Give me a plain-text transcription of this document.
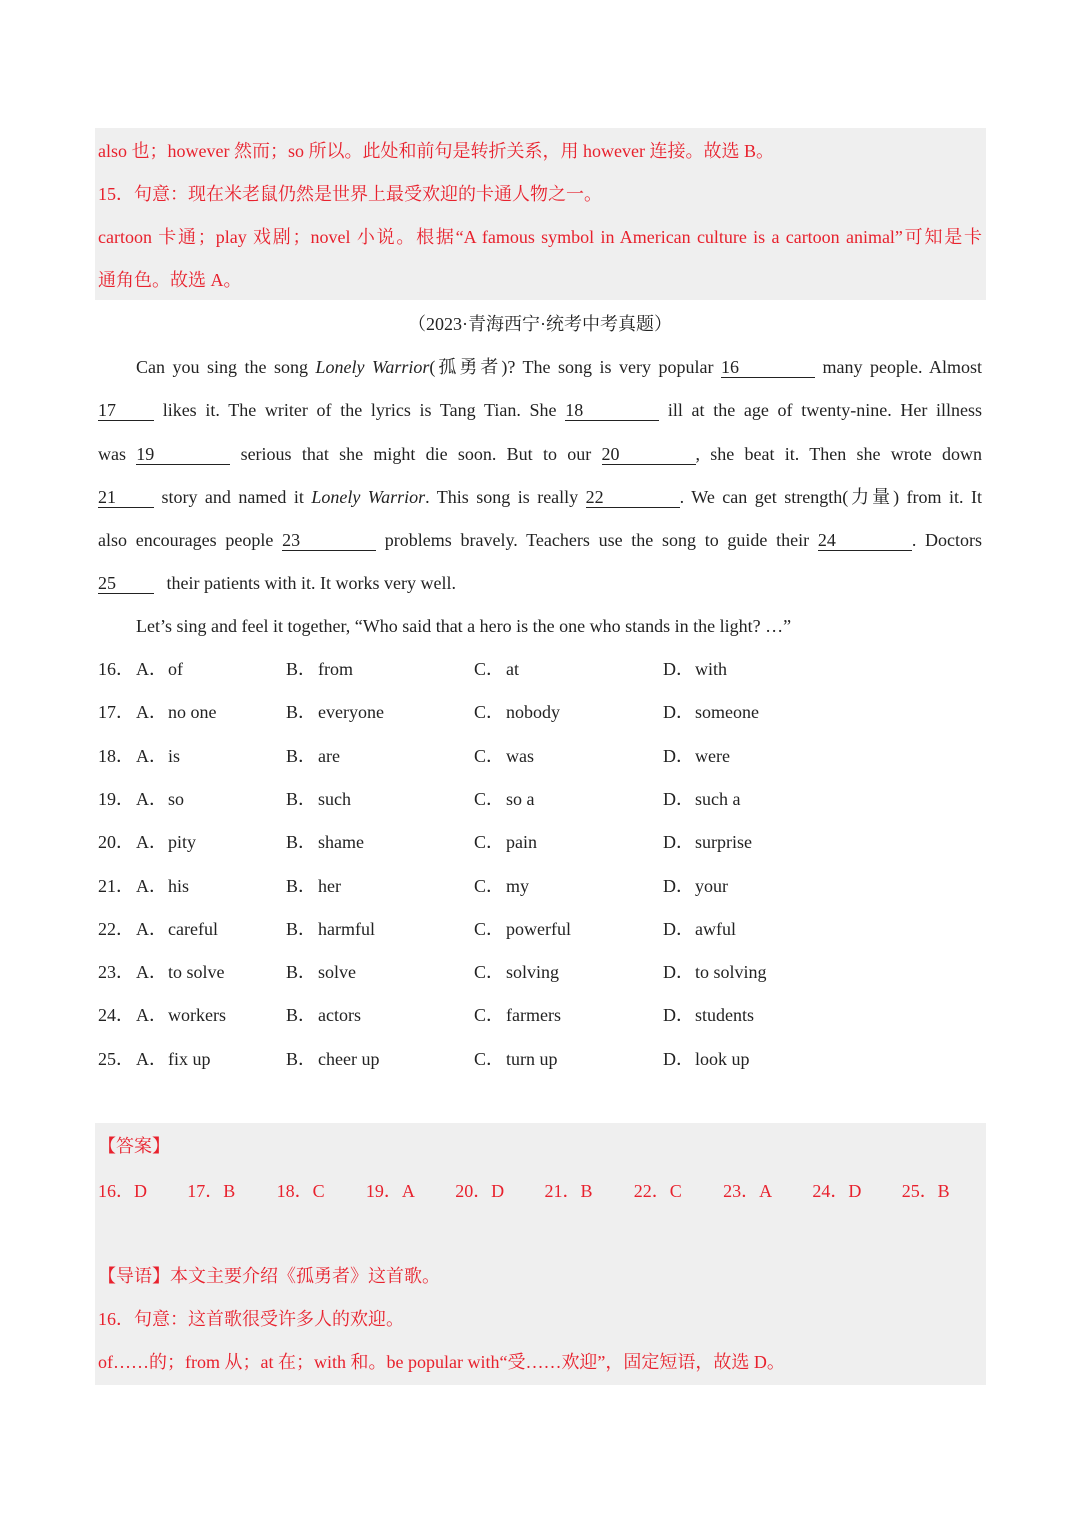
also 也；however 然而；so 所以。此处和前句是转折关系，用 however 连接。故选 B。
15．句意：现在米老鼠仍然是世界上最受欢迎的卡通人物之一。
cartoon 卡通；play 戏剧；novel 小说。根据“A famous symbol in American culture is a cartoon animal”可知是卡
通角色。故选 A。
（2023·青海西宁·统考中考真题）
Can you sing the song Lonely Warrior(孤勇者)? The song is very popular 16	many people. Almost
17	likes it. The writer of the lyrics is Tang Tian. She 18	ill at the age of twenty-nine. Her illness
was 19	serious that she might die soon. But to our 20	, she beat it. Then she wrote down
21	story and named it Lonely Warrior. This song is really 22	. We can get strength(力量) from it. It
also encourages people 23	problems bravely. Teachers use the song to guide their 24	. Doctors
25	their patients with it. It works very well.
Let’s sing and feel it together, “Who said that a hero is the one who stands in the light? …”
16． A．of	B． from	C． at	D．with
17． A．no one	B． everyone	C． nobody	D．someone
18． A．is	B． are	C． was	D．were
19． A．so	B． such	C． so a	D．such a
20． A．pity	B． shame	C． pain	D．surprise
21． A．his	B． her	C． my	D．your
22． A．careful	B． harmful	C． powerful	D．awful
23． A．to solve	B． solve	C． solving	D．to solving
24． A．workers	B． actors	C． farmers	D．students
25． A．fix up	B． cheer up	C． turn up	D．look up
【答案】
16．D 17．B 18．C 19．A 20．D 21．B 22．C 23．A 24．D 25．B
【导语】本文主要介绍《孤勇者》这首歌。
16．句意：这首歌很受许多人的欢迎。
of……的；from 从；at 在；with 和。be popular with“受……欢迎”，固定短语，故选 D。
